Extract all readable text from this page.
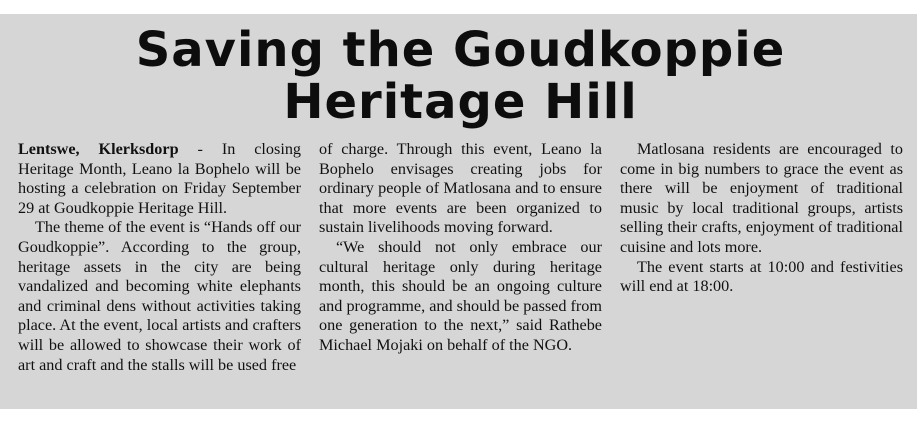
Saving the Goudkoppie
Heritage Hill

Lentswe, Klerksdorp - In closing Heritage Month, Leano la Bophelo will be hosting a celebration on Friday September 29 at Goudkoppie Heritage Hill.

The theme of the event is “Hands off our Goudkoppie”. According to the group, heritage assets in the city are being vandalized and becoming white elephants and criminal dens without activities taking place. At the event, local artists and crafters will be allowed to showcase their work of art and craft and the stalls will be used free

of charge. Through this event, Leano la Bophelo envisages creating jobs for ordinary people of Matlosana and to ensure that more events are been organized to sustain livelihoods moving forward.

“We should not only embrace our cultural heritage only during heritage month, this should be an ongoing culture and programme, and should be passed from one generation to the next,” said Rathebe Michael Mojaki on behalf of the NGO.

Matlosana residents are encouraged to come in big numbers to grace the event as there will be enjoyment of traditional music by local traditional groups, artists selling their crafts, enjoyment of traditional cuisine and lots more.

The event starts at 10:00 and festivities will end at 18:00.
